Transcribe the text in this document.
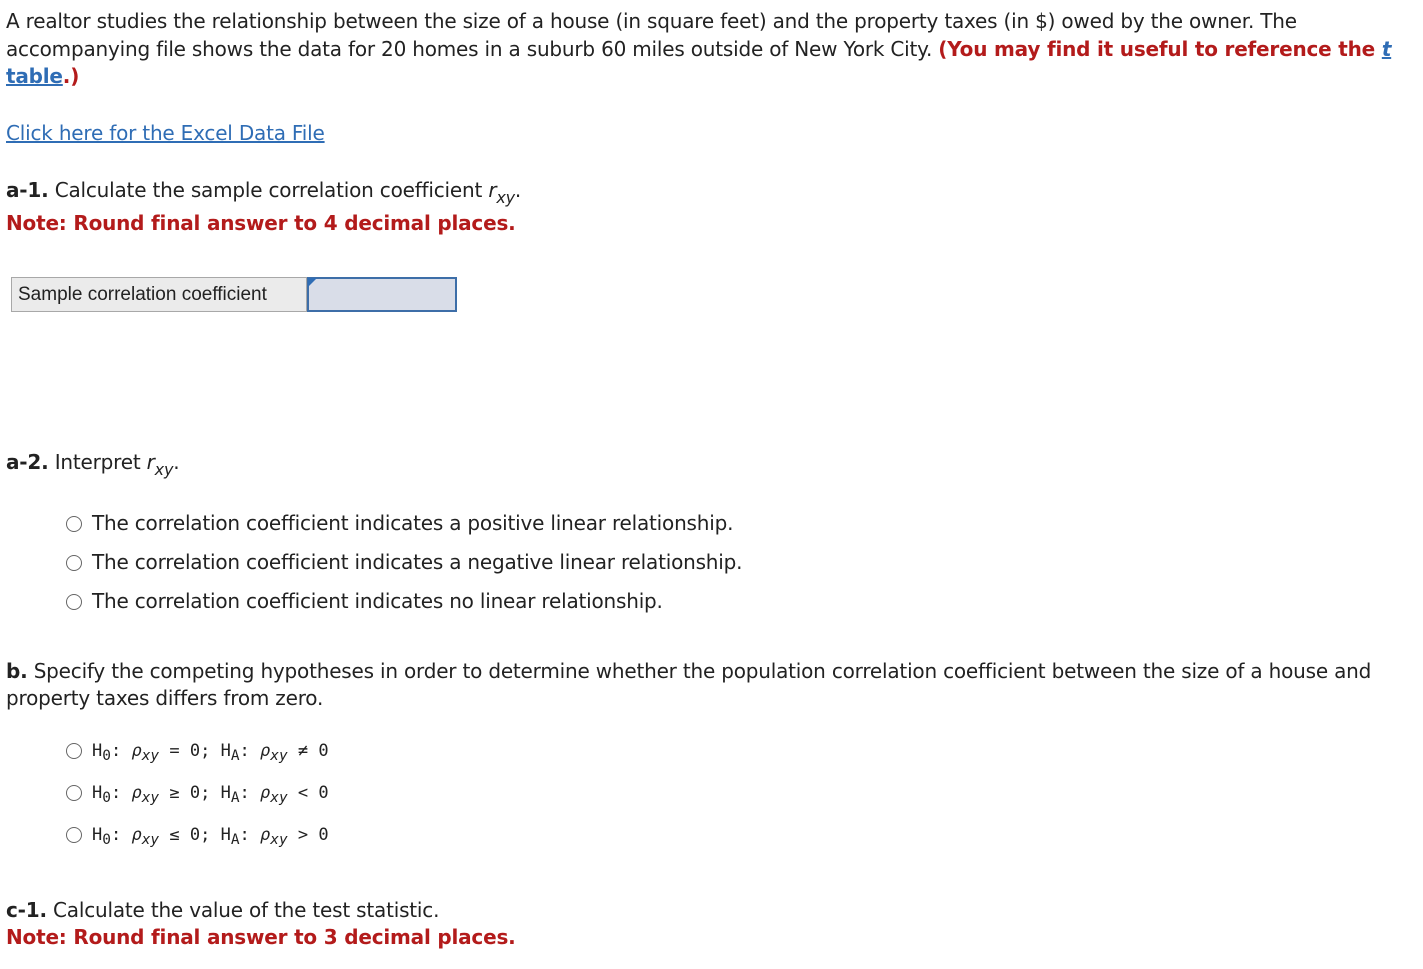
A realtor studies the relationship between the size of a house (in square feet) and the property taxes (in $) owed by the owner. The accompanying file shows the data for 20 homes in a suburb 60 miles outside of New York City. (You may find it useful to reference the t table.)
Click here for the Excel Data File
a-1. Calculate the sample correlation coefficient $r_{xy}$.
Note: Round final answer to 4 decimal places.
Sample correlation coefficient
a-2. Interpret $r_{xy}$.
The correlation coefficient indicates a positive linear relationship.
The correlation coefficient indicates a negative linear relationship.
The correlation coefficient indicates no linear relationship.
b. Specify the competing hypotheses in order to determine whether the population correlation coefficient between the size of a house and property taxes differs from zero.
$H_0$: $\rho_{xy} = 0$; $H_A$: $\rho_{xy} \ne 0$
$H_0$: $\rho_{xy} \ge 0$; $H_A$: $\rho_{xy} < 0$
$H_0$: $\rho_{xy} \le 0$; $H_A$: $\rho_{xy} > 0$
c-1. Calculate the value of the test statistic.
Note: Round final answer to 3 decimal places.
